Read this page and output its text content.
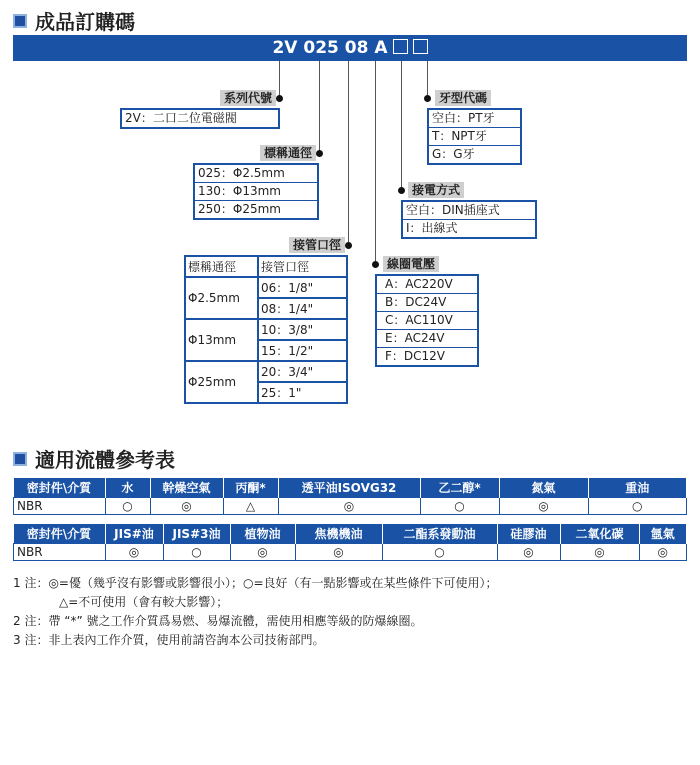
成品訂購碼
2V 025 08 A
系列代號
2V：二口二位電磁閥
標稱通徑
025：Φ2.5mm
130：Φ13mm
250：Φ25mm
接管口徑
標稱通徑	接管口徑
Φ2.5mm	06：1/8"
	08：1/4"
Φ13mm	10：3/8"
	15：1/2"
Φ25mm	20：3/4"
	25：1"
牙型代碼
空白：PT牙
T：NPT牙
G：G牙
接電方式
空白：DIN插座式
I：出線式
線圈電壓
A：AC220V
B：DC24V
C：AC110V
E：AC24V
F：DC12V
適用流體參考表
密封件\介質	水	幹燥空氣	丙酮*	透平油ISOVG32	乙二醇*	氮氣	重油
NBR	○	◎	△	◎	○	◎	○
密封件\介質	JIS#油	JIS#3油	植物油	焦機機油	二酯系發動油	硅膠油	二氧化碳	氬氣
NBR	◎	○	◎	◎	○	◎	◎	◎
1 注：◎=優（幾乎沒有影響或影響很小）；○=良好（有一點影響或在某些條件下可使用）；
△=不可使用（會有較大影響）；
2 注：帶 “*” 號之工作介質爲易燃、易爆流體，需使用相應等級的防爆線圈。
3 注：非上表內工作介質，使用前請咨詢本公司技術部門。
